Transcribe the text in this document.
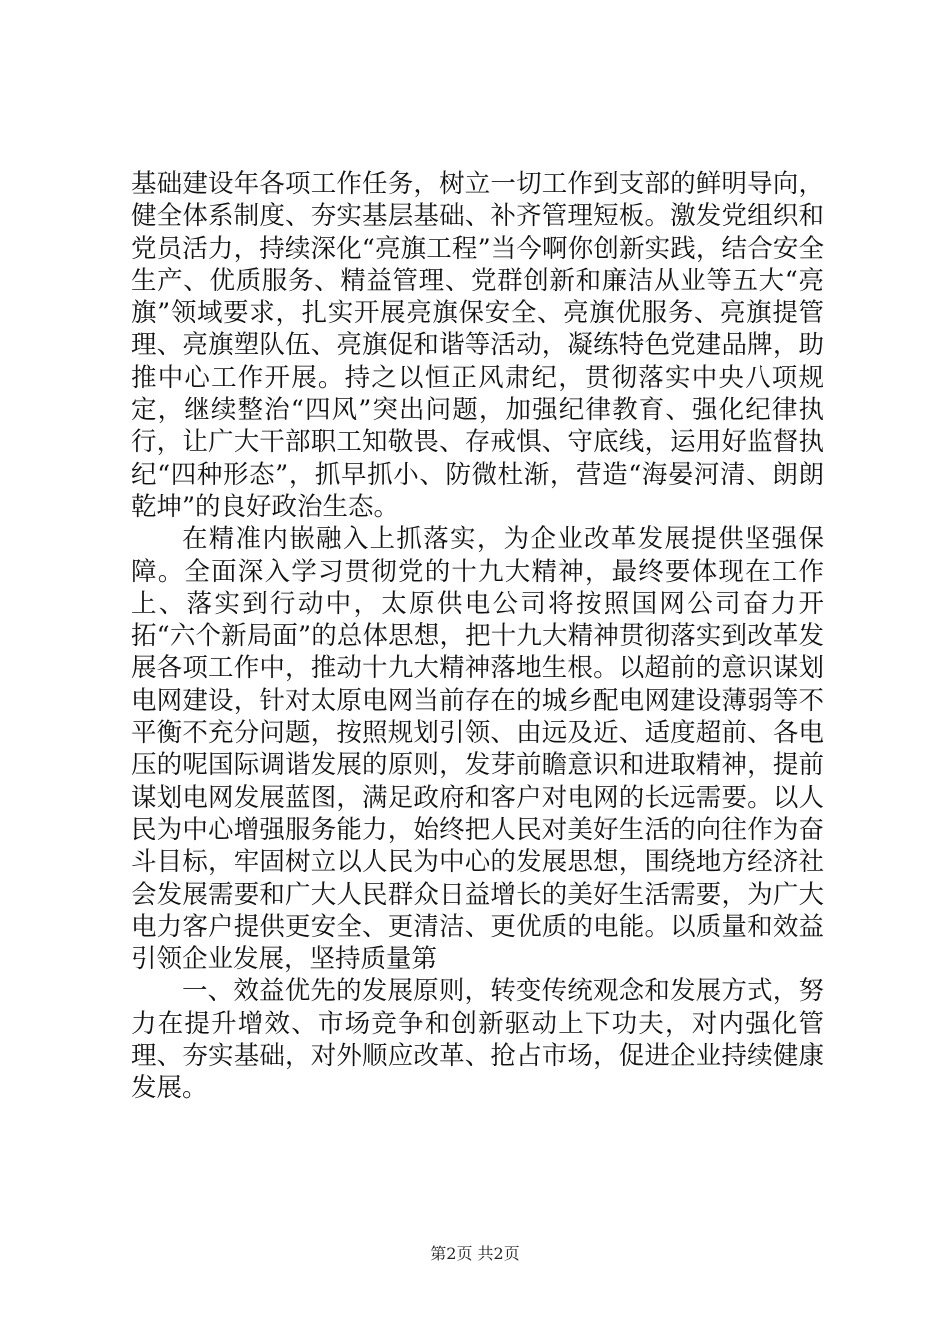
基础建设年各项工作任务，树立一切工作到支部的鲜明导向，健全体系制度、夯实基层基础、补齐管理短板。激发党组织和党员活力，持续深化“亮旗工程”当今啊你创新实践，结合安全生产、优质服务、精益管理、党群创新和廉洁从业等五大“亮旗”领域要求，扎实开展亮旗保安全、亮旗优服务、亮旗提管理、亮旗塑队伍、亮旗促和谐等活动，凝练特色党建品牌，助推中心工作开展。持之以恒正风肃纪，贯彻落实中央八项规定，继续整治“四风”突出问题，加强纪律教育、强化纪律执行，让广大干部职工知敬畏、存戒惧、守底线，运用好监督执纪“四种形态”，抓早抓小、防微杜渐，营造“海晏河清、朗朗乾坤”的良好政治生态。

在精准内嵌融入上抓落实，为企业改革发展提供坚强保障。全面深入学习贯彻党的十九大精神，最终要体现在工作上、落实到行动中，太原供电公司将按照国网公司奋力开拓“六个新局面”的总体思想，把十九大精神贯彻落实到改革发展各项工作中，推动十九大精神落地生根。以超前的意识谋划电网建设，针对太原电网当前存在的城乡配电网建设薄弱等不平衡不充分问题，按照规划引领、由远及近、适度超前、各电压的呢国际调谐发展的原则，发芽前瞻意识和进取精神，提前谋划电网发展蓝图，满足政府和客户对电网的长远需要。以人民为中心增强服务能力，始终把人民对美好生活的向往作为奋斗目标，牢固树立以人民为中心的发展思想，围绕地方经济社会发展需要和广大人民群众日益增长的美好生活需要，为广大电力客户提供更安全、更清洁、更优质的电能。以质量和效益引领企业发展，坚持质量第

一、效益优先的发展原则，转变传统观念和发展方式，努力在提升增效、市场竞争和创新驱动上下功夫，对内强化管理、夯实基础，对外顺应改革、抢占市场，促进企业持续健康发展。

第2页 共2页
